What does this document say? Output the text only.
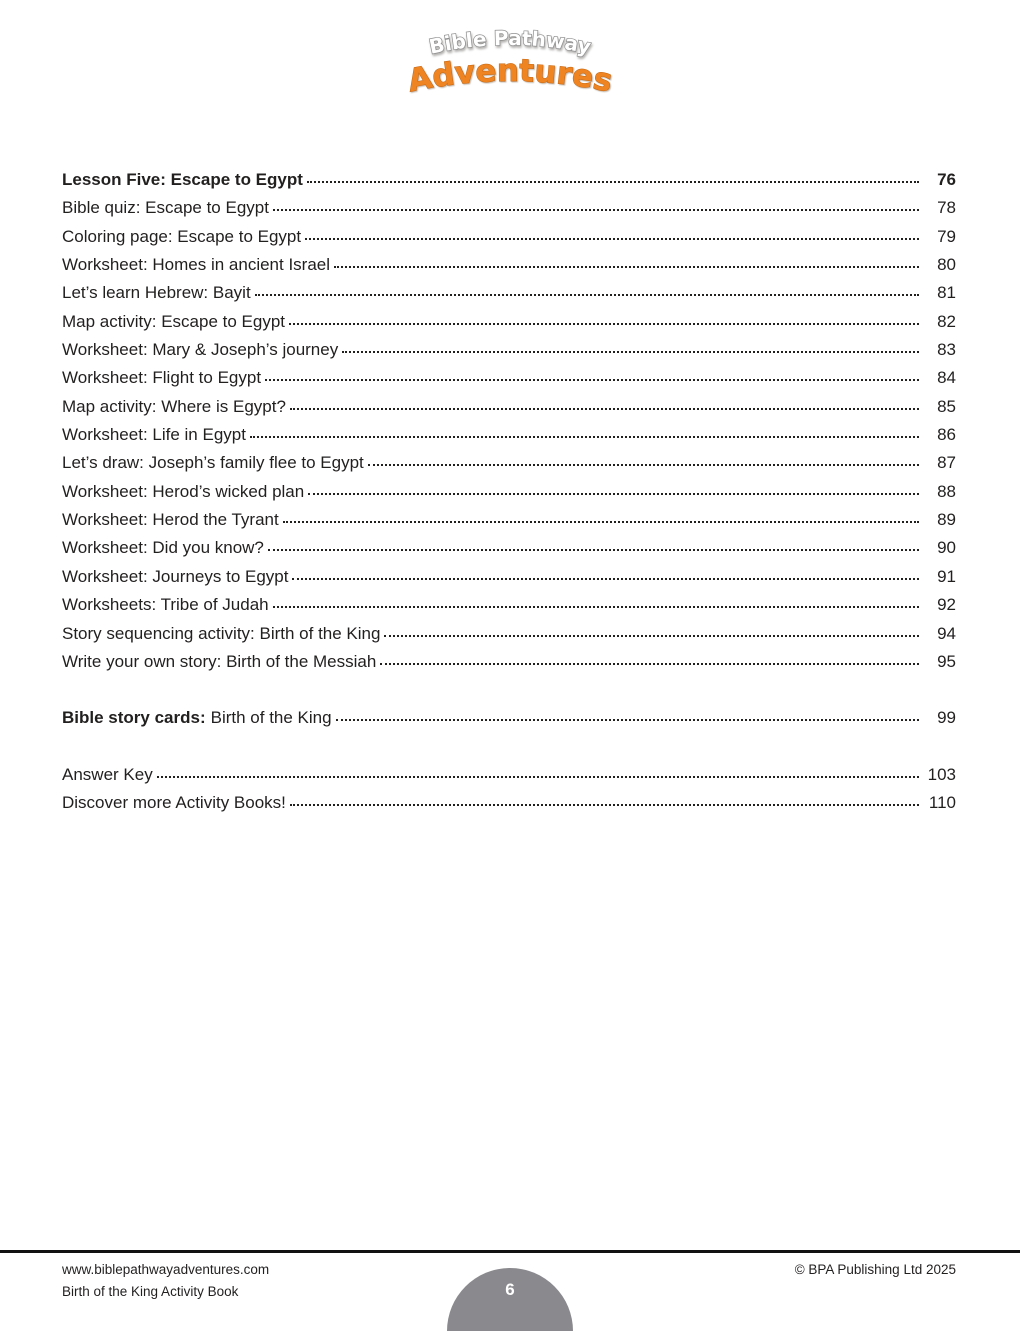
Bible Pathway
Adventures
Lesson Five: Escape to Egypt	76
Bible quiz: Escape to Egypt	78
Coloring page: Escape to Egypt	79
Worksheet: Homes in ancient Israel	80
Let’s learn Hebrew: Bayit	81
Map activity: Escape to Egypt	82
Worksheet: Mary & Joseph’s journey	83
Worksheet: Flight to Egypt	84
Map activity: Where is Egypt?	85
Worksheet: Life in Egypt	86
Let’s draw: Joseph’s family flee to Egypt	87
Worksheet: Herod’s wicked plan	88
Worksheet: Herod the Tyrant	89
Worksheet: Did you know?	90
Worksheet: Journeys to Egypt	91
Worksheets: Tribe of Judah	92
Story sequencing activity: Birth of the King	94
Write your own story: Birth of the Messiah	95
Bible story cards: Birth of the King	99
Answer Key	103
Discover more Activity Books!	110
www.biblepathwayadventures.com
Birth of the King Activity Book
© BPA Publishing Ltd 2025
6
